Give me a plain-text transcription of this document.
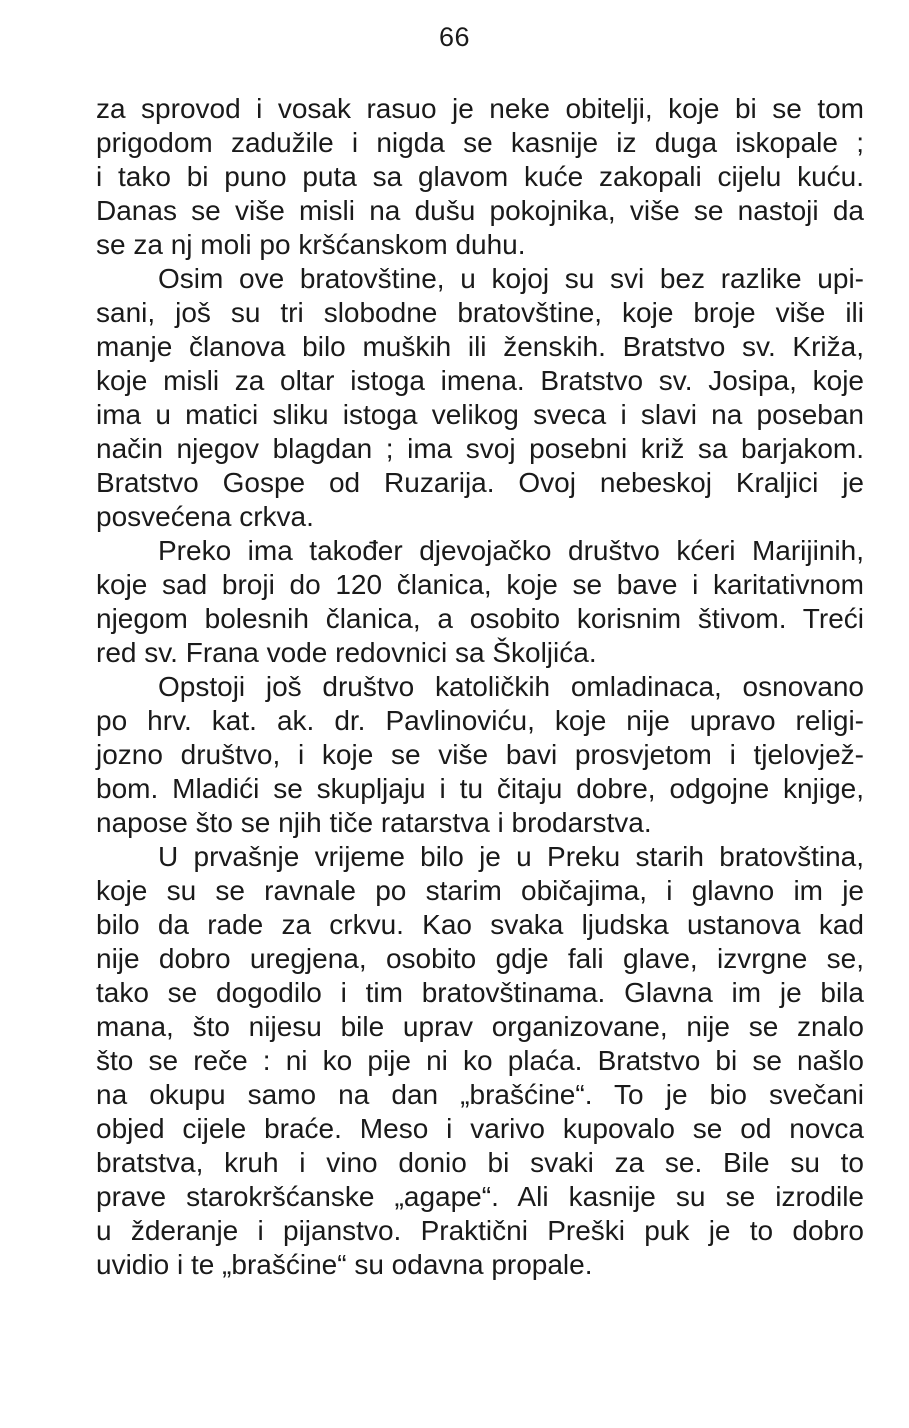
66
za sprovod i vosak rasuo je neke obitelji, koje bi se tom
prigodom zadužile i nigda se kasnije iz duga iskopale ;
i tako bi puno puta sa glavom kuće zakopali cijelu kuću.
Danas se više misli na dušu pokojnika, više se nastoji da
se za nj moli po kršćanskom duhu.
Osim ove bratovštine, u kojoj su svi bez razlike upi-
sani, još su tri slobodne bratovštine, koje broje više ili
manje članova bilo muških ili ženskih. Bratstvo sv. Križa,
koje misli za oltar istoga imena. Bratstvo sv. Josipa, koje
ima u matici sliku istoga velikog sveca i slavi na poseban
način njegov blagdan ; ima svoj posebni križ sa barjakom.
Bratstvo Gospe od Ruzarija. Ovoj nebeskoj Kraljici je
posvećena crkva.
Preko ima također djevojačko društvo kćeri Marijinih,
koje sad broji do 120 članica, koje se bave i karitativnom
njegom bolesnih članica, a osobito korisnim štivom. Treći
red sv. Frana vode redovnici sa Školjića.
Opstoji još društvo katoličkih omladinaca, osnovano
po hrv. kat. ak. dr. Pavlinoviću, koje nije upravo religi-
jozno društvo, i koje se više bavi prosvjetom i tjelovjež-
bom. Mladići se skupljaju i tu čitaju dobre, odgojne knjige,
napose što se njih tiče ratarstva i brodarstva.
U prvašnje vrijeme bilo je u Preku starih bratovština,
koje su se ravnale po starim običajima, i glavno im je
bilo da rade za crkvu. Kao svaka ljudska ustanova kad
nije dobro uregjena, osobito gdje fali glave, izvrgne se,
tako se dogodilo i tim bratovštinama. Glavna im je bila
mana, što nijesu bile uprav organizovane, nije se znalo
što se reče : ni ko pije ni ko plaća. Bratstvo bi se našlo
na okupu samo na dan „brašćine“. To je bio svečani
objed cijele braće. Meso i varivo kupovalo se od novca
bratstva, kruh i vino donio bi svaki za se. Bile su to
prave starokršćanske „agape“. Ali kasnije su se izrodile
u žderanje i pijanstvo. Praktični Preški puk je to dobro
uvidio i te „brašćine“ su odavna propale.
